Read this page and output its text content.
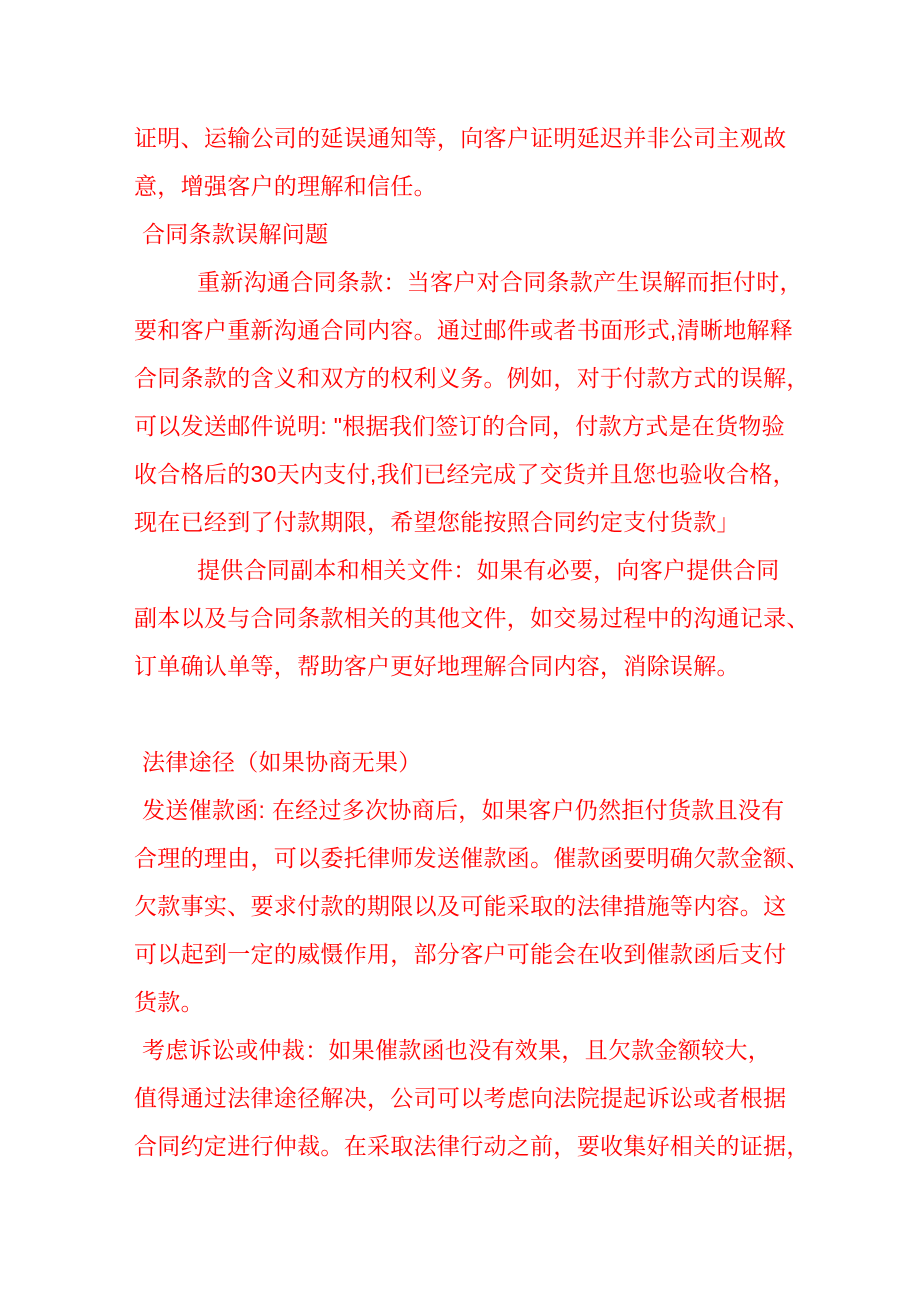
证明、运输公司的延误通知等，向客户证明延迟并非公司主观故
意，增强客户的理解和信任。
合同条款误解问题
重新沟通合同条款：当客户对合同条款产生误解而拒付时，
要和客户重新沟通合同内容。通过邮件或者书面形式,清晰地解释
合同条款的含义和双方的权利义务。例如，对于付款方式的误解，
可以发送邮件说明: "根据我们签订的合同，付款方式是在货物验
收合格后的30天内支付,我们已经完成了交货并且您也验收合格，
现在已经到了付款期限，希望您能按照合同约定支付货款」
提供合同副本和相关文件：如果有必要，向客户提供合同
副本以及与合同条款相关的其他文件，如交易过程中的沟通记录、
订单确认单等，帮助客户更好地理解合同内容，消除误解。
法律途径（如果协商无果）
发送催款函: 在经过多次协商后，如果客户仍然拒付货款且没有
合理的理由，可以委托律师发送催款函。催款函要明确欠款金额、
欠款事实、要求付款的期限以及可能采取的法律措施等内容。这
可以起到一定的威慑作用，部分客户可能会在收到催款函后支付
货款。
考虑诉讼或仲裁：如果催款函也没有效果，且欠款金额较大，
值得通过法律途径解决，公司可以考虑向法院提起诉讼或者根据
合同约定进行仲裁。在采取法律行动之前，要收集好相关的证据，
